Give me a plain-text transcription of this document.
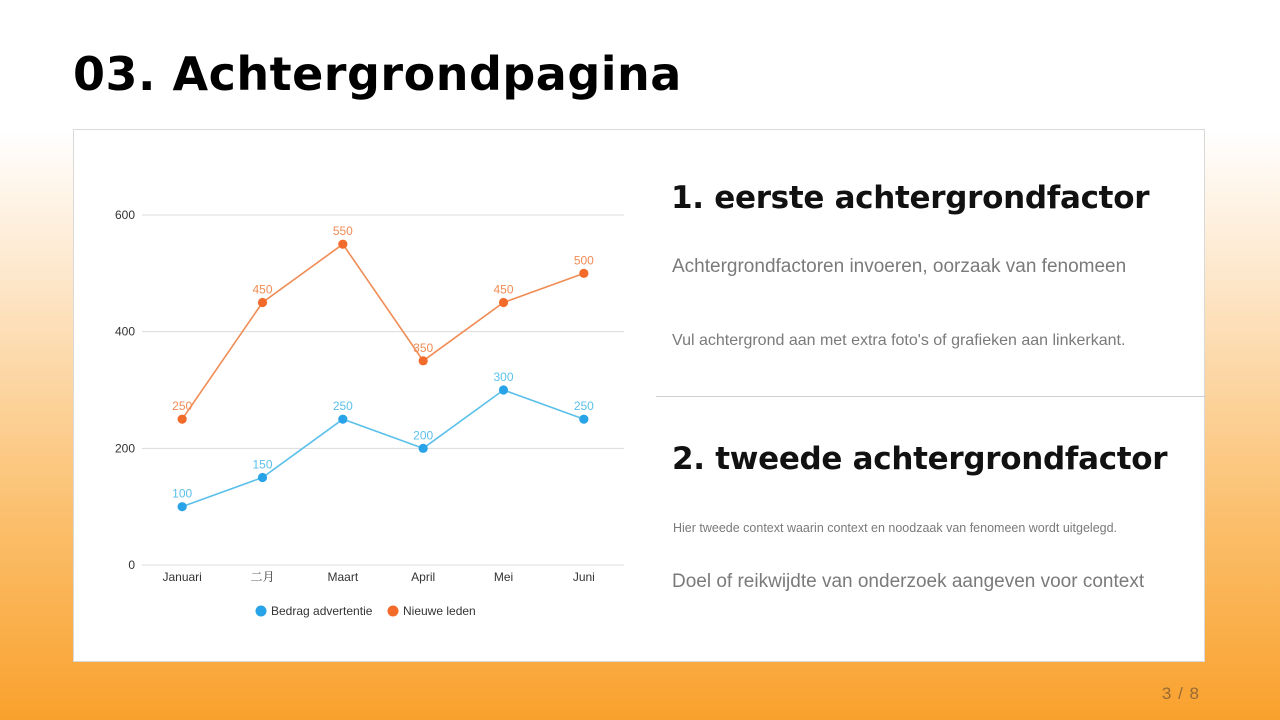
03. Achtergrondpagina
0
200
400
600
Januari	二月	Maart	April	Mei	Juni
100
150
250
200
300
250
250
450
550
350
450
500
Bedrag advertentie	Nieuwe leden
1. eerste achtergrondfactor

Achtergrondfactoren invoeren, oorzaak van fenomeen

Vul achtergrond aan met extra foto's of grafieken aan linkerkant.

2. tweede achtergrondfactor

Hier tweede context waarin context en noodzaak van fenomeen wordt uitgelegd.

Doel of reikwijdte van onderzoek aangeven voor context

3 / 8
